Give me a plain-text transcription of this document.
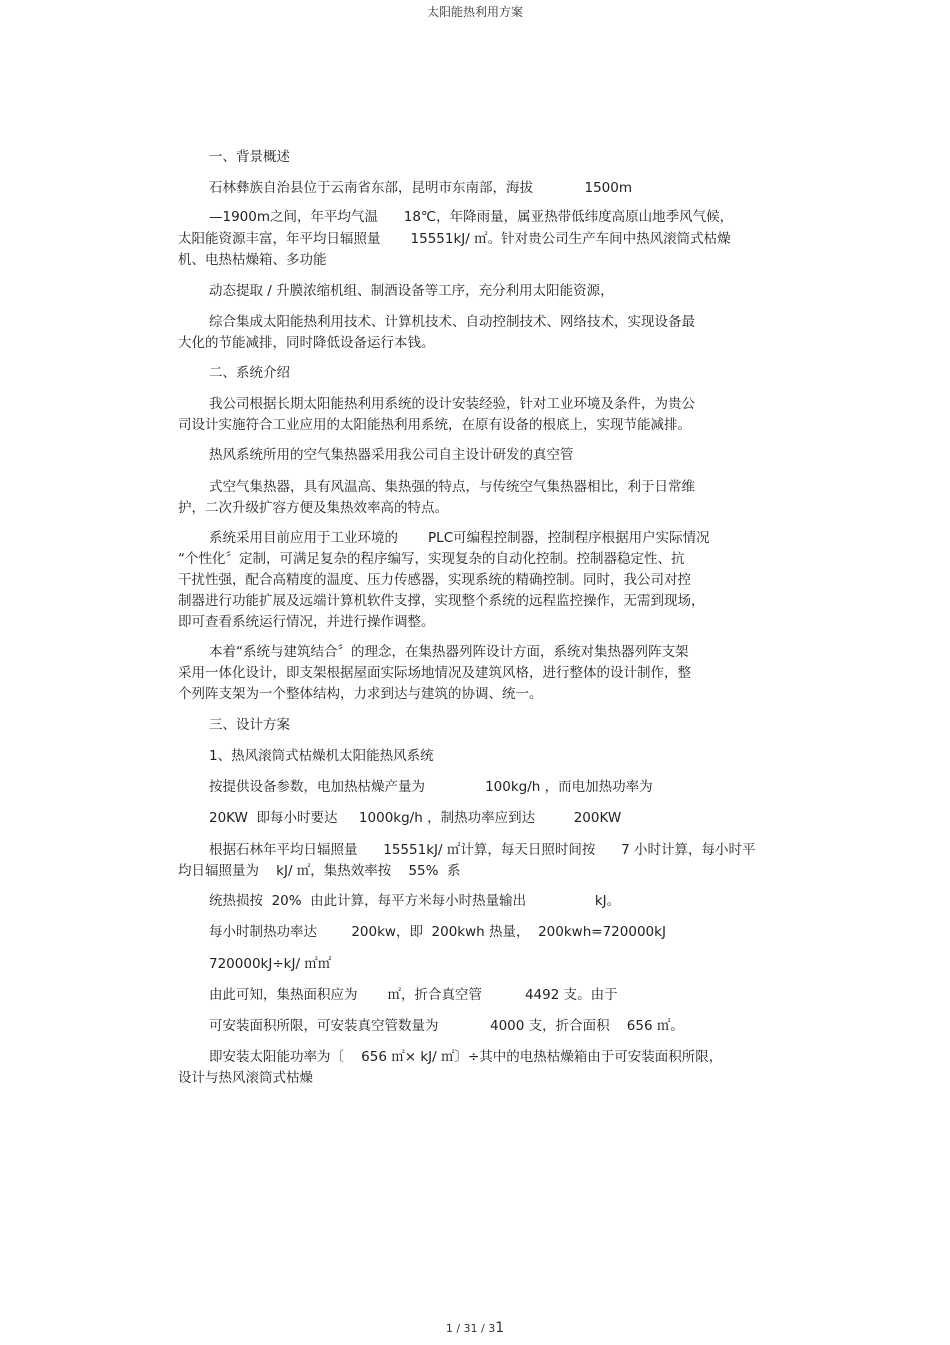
太阳能热利用方案
一、背景概述
石林彝族自治县位于云南省东部，昆明市东南部，海拔            1500m
—1900m之间，年平均气温      18℃，年降雨量，属亚热带低纬度高原山地季风气候，
太阳能资源丰富，年平均日辐照量       15551kJ/ ㎡。针对贵公司生产车间中热风滚筒式枯燥
机、电热枯燥箱、多功能
动态提取 / 升膜浓缩机组、制酒设备等工序，充分利用太阳能资源，
综合集成太阳能热利用技术、计算机技术、自动控制技术、网络技术，实现设备最
大化的节能减排，同时降低设备运行本钱。
二、系统介绍
我公司根据长期太阳能热利用系统的设计安装经验，针对工业环境及条件，为贵公
司设计实施符合工业应用的太阳能热利用系统，在原有设备的根底上，实现节能减排。
热风系统所用的空气集热器采用我公司自主设计研发的真空管
式空气集热器，具有风温高、集热强的特点，与传统空气集热器相比，利于日常维
护，二次升级扩容方便及集热效率高的特点。
系统采用目前应用于工业环境的       PLC可编程控制器，控制程序根据用户实际情况
“个性化〞定制，可满足复杂的程序编写，实现复杂的自动化控制。控制器稳定性、抗
干扰性强，配合高精度的温度、压力传感器，实现系统的精确控制。同时，我公司对控
制器进行功能扩展及远端计算机软件支撑，实现整个系统的远程监控操作，无需到现场，
即可查看系统运行情况，并进行操作调整。
本着“系统与建筑结合〞的理念，在集热器列阵设计方面，系统对集热器列阵支架
采用一体化设计，即支架根据屋面实际场地情况及建筑风格，进行整体的设计制作，整
个列阵支架为一个整体结构，力求到达与建筑的协调、统一。
三、设计方案
1、热风滚筒式枯燥机太阳能热风系统
按提供设备参数，电加热枯燥产量为              100kg/h ，而电加热功率为
20KW  即每小时要达     1000kg/h ，制热功率应到达         200KW
根据石林年平均日辐照量      15551kJ/ ㎡计算，每天日照时间按      7 小时计算，每小时平
均日辐照量为    kJ/ ㎡，集热效率按    55%  系
统热损按  20%  由此计算，每平方米每小时热量输出                kJ。
每小时制热功率达        200kw，即  200kwh 热量，  200kwh=720000kJ
720000kJ÷kJ/ ㎡㎡
由此可知，集热面积应为       ㎡，折合真空管          4492 支。由于
可安装面积所限，可安装真空管数量为            4000 支，折合面积    656 ㎡。
即安装太阳能功率为〔    656 ㎡× kJ/ ㎡〕÷其中的电热枯燥箱由于可安装面积所限，
设计与热风滚筒式枯燥
1 / 31 / 31
